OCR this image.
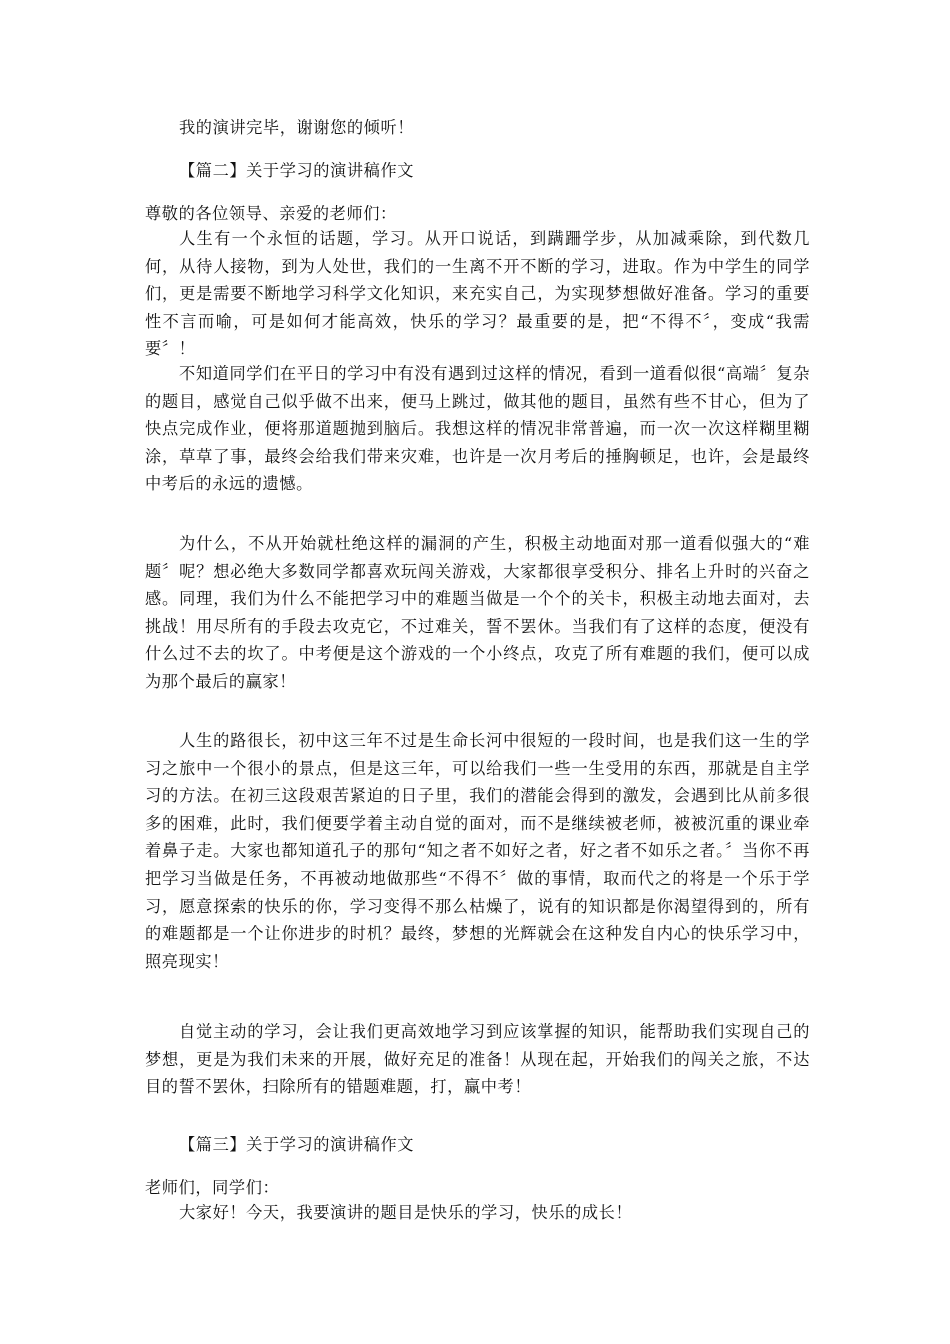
我的演讲完毕，谢谢您的倾听！

【篇二】关于学习的演讲稿作文

尊敬的各位领导、亲爱的老师们：

人生有一个永恒的话题，学习。从开口说话，到蹒跚学步，从加减乘除，到代数几何，从待人接物，到为人处世，我们的一生离不开不断的学习，进取。作为中学生的同学们，更是需要不断地学习科学文化知识，来充实自己，为实现梦想做好准备。学习的重要性不言而喻，可是如何才能高效，快乐的学习？最重要的是，把“不得不〞，变成“我需要〞！

不知道同学们在平日的学习中有没有遇到过这样的情况，看到一道看似很“高端〞复杂的题目，感觉自己似乎做不出来，便马上跳过，做其他的题目，虽然有些不甘心，但为了快点完成作业，便将那道题抛到脑后。我想这样的情况非常普遍，而一次一次这样糊里糊涂，草草了事，最终会给我们带来灾难，也许是一次月考后的捶胸顿足，也许，会是最终中考后的永远的遗憾。

为什么，不从开始就杜绝这样的漏洞的产生，积极主动地面对那一道看似强大的“难题〞呢？想必绝大多数同学都喜欢玩闯关游戏，大家都很享受积分、排名上升时的兴奋之感。同理，我们为什么不能把学习中的难题当做是一个个的关卡，积极主动地去面对，去挑战！用尽所有的手段去攻克它，不过难关，誓不罢休。当我们有了这样的态度，便没有什么过不去的坎了。中考便是这个游戏的一个小终点，攻克了所有难题的我们，便可以成为那个最后的赢家！

人生的路很长，初中这三年不过是生命长河中很短的一段时间，也是我们这一生的学习之旅中一个很小的景点，但是这三年，可以给我们一些一生受用的东西，那就是自主学习的方法。在初三这段艰苦紧迫的日子里，我们的潜能会得到的激发，会遇到比从前多很多的困难，此时，我们便要学着主动自觉的面对，而不是继续被老师，被被沉重的课业牵着鼻子走。大家也都知道孔子的那句“知之者不如好之者，好之者不如乐之者。〞当你不再把学习当做是任务，不再被动地做那些“不得不〞做的事情，取而代之的将是一个乐于学习，愿意探索的快乐的你，学习变得不那么枯燥了，说有的知识都是你渴望得到的，所有的难题都是一个让你进步的时机？最终，梦想的光辉就会在这种发自内心的快乐学习中，照亮现实！

自觉主动的学习，会让我们更高效地学习到应该掌握的知识，能帮助我们实现自己的梦想，更是为我们未来的开展，做好充足的准备！从现在起，开始我们的闯关之旅，不达目的誓不罢休，扫除所有的错题难题，打，赢中考！

【篇三】关于学习的演讲稿作文

老师们，同学们：

大家好！今天，我要演讲的题目是快乐的学习，快乐的成长！
